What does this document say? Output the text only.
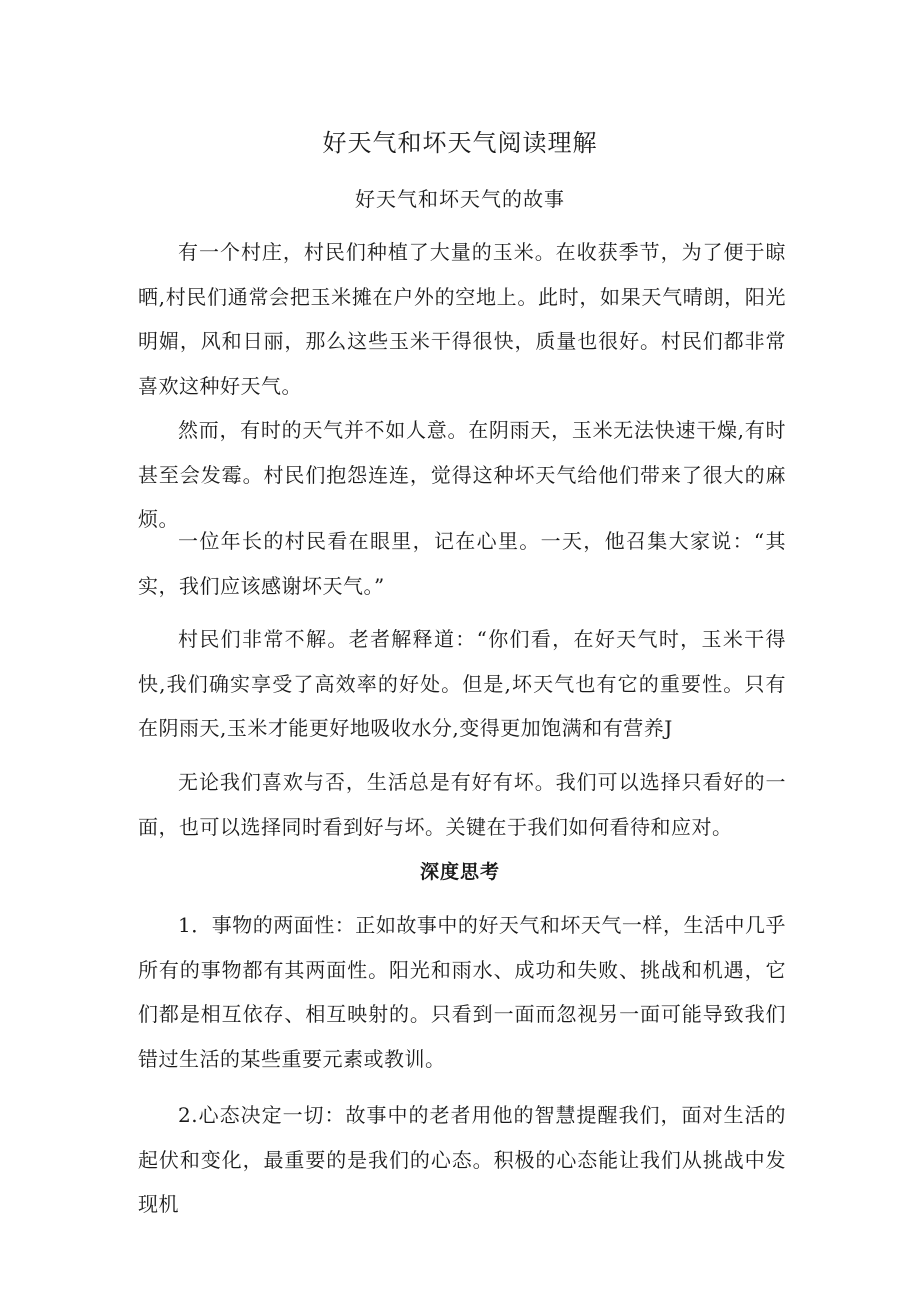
好天气和坏天气阅读理解
好天气和坏天气的故事

有一个村庄，村民们种植了大量的玉米。在收获季节，为了便于晾晒,村民们通常会把玉米摊在户外的空地上。此时，如果天气晴朗，阳光明媚，风和日丽，那么这些玉米干得很快，质量也很好。村民们都非常喜欢这种好天气。

然而，有时的天气并不如人意。在阴雨天，玉米无法快速干燥,有时甚至会发霉。村民们抱怨连连，觉得这种坏天气给他们带来了很大的麻烦。

一位年长的村民看在眼里，记在心里。一天，他召集大家说：“其实，我们应该感谢坏天气。”

村民们非常不解。老者解释道：“你们看，在好天气时，玉米干得快,我们确实享受了高效率的好处。但是,坏天气也有它的重要性。只有在阴雨天,玉米才能更好地吸收水分,变得更加饱满和有营养J

无论我们喜欢与否，生活总是有好有坏。我们可以选择只看好的一面，也可以选择同时看到好与坏。关键在于我们如何看待和应对。

深度思考

1．事物的两面性：正如故事中的好天气和坏天气一样，生活中几乎所有的事物都有其两面性。阳光和雨水、成功和失败、挑战和机遇，它们都是相互依存、相互映射的。只看到一面而忽视另一面可能导致我们错过生活的某些重要元素或教训。

2.心态决定一切：故事中的老者用他的智慧提醒我们，面对生活的起伏和变化，最重要的是我们的心态。积极的心态能让我们从挑战中发现机
